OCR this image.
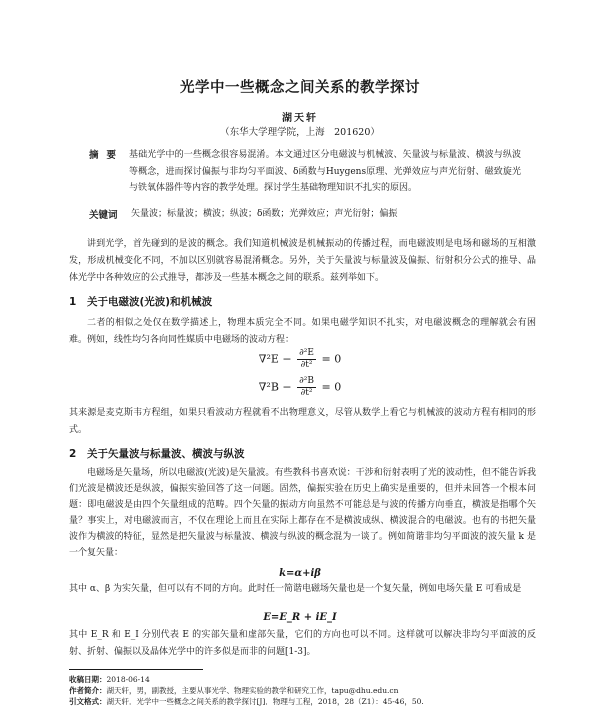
光学中一些概念之间关系的教学探讨
湖天轩
（东华大学理学院，上海　201620）
摘要 基础光学中的一些概念很容易混淆。本文通过区分电磁波与机械波、矢量波与标量波、横波与纵波等概念，进而探讨偏振与非均匀平面波、δ函数与Huygens原理、光弹效应与声光衍射、磁致旋光与铁氧体器件等内容的教学处理。探讨学生基础物理知识不扎实的原因。
关键词 矢量波；标量波；横波；纵波；δ函数；光弹效应；声光衍射；偏振
讲到光学，首先碰到的是波的概念。我们知道机械波是机械振动的传播过程，而电磁波则是电场和磁场的互相激发，形成机械变化不同，不加以区别就容易混淆概念。另外，关于矢量波与标量波及偏振、衍射积分公式的推导、晶体光学中各种效应的公式推导，都涉及一些基本概念之间的联系。兹列举如下。
1 关于电磁波(光波)和机械波
二者的相似之处仅在数学描述上，物理本质完全不同。如果电磁学知识不扎实，对电磁波概念的理解就会有困难。例如，线性均匀各向同性媒质中电磁场的波动方程：
$\nabla^2E - \frac{\text{∂²E}}{\text{∂t²}} = 0$
$\nabla^2B - \frac{\text{∂²B}}{\text{∂t²}} = 0$
其来源是麦克斯韦方程组，如果只看波动方程就看不出物理意义，尽管从数学上看它与机械波的波动方程有相同的形式。
2 关于矢量波与标量波、横波与纵波
电磁场是矢量场，所以电磁波(光波)是矢量波。有些教科书喜欢说：干涉和衍射表明了光的波动性，但不能告诉我们光波是横波还是纵波，偏振实验回答了这一问题。固然，偏振实验在历史上确实是重要的，但并未回答一个根本问题：即电磁波是由四个矢量组成的范畴。四个矢量的振动方向虽然不可能总是与波的传播方向垂直，横波是指哪个矢量？事实上，对电磁波而言，不仅在理论上而且在实际上都存在不是横波成纵、横波混合的电磁波。也有的书把矢量波作为横波的特征，显然是把矢量波与标量波、横波与纵波的概念混为一谈了。例如简谐非均匀平面波的波矢量 k 是一个复矢量：
k=α+iβ
其中 α、β 为实矢量，但可以有不同的方向。此时任一简谐电磁场矢量也是一个复矢量，例如电场矢量 E 可看成是
E=E_R + iE_I
其中 E_R 和 E_I 分别代表 E 的实部矢量和虚部矢量，它们的方向也可以不同。这样就可以解决非均匀平面波的反射、折射、偏振以及晶体光学中的许多似是而非的问题[1-3]。
收稿日期：2018-06-14
作者简介：湖天轩，男，副教授，主要从事光学、物理实验的教学和研究工作，tapu@dhu.edu.cn
引文格式：湖天轩．光学中一些概念之间关系的教学探讨[J]．物理与工程，2018，28（Z1）：45-46，50.
